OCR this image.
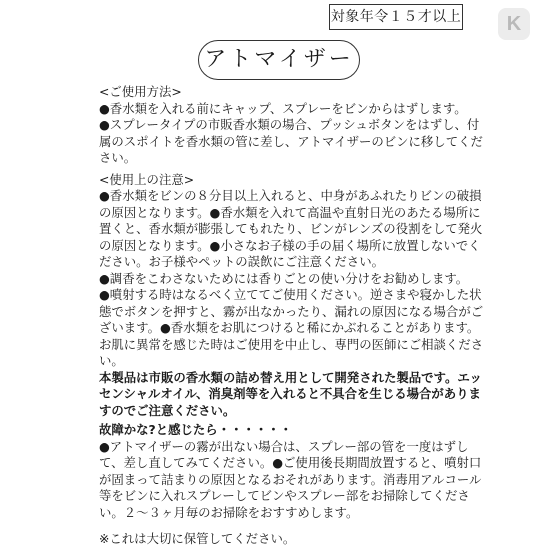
対象年令１５才以上	K
アトマイザー

<ご使用方法>

●香水類を入れる前にキャップ、スプレーをビンからはずします。

●スプレータイプの市販香水類の場合、プッシュボタンをはずし、付属のスポイトを香水類の管に差し、アトマイザーのビンに移してください。

<使用上の注意>

●香水類をビンの８分目以上入れると、中身があふれたりビンの破損の原因となります。●香水類を入れて高温や直射日光のあたる場所に置くと、香水類が膨張してもれたり、ビンがレンズの役割をして発火の原因となります。●小さなお子様の手の届く場所に放置しないでください。お子様やペットの誤飲にご注意ください。

●調香をこわさないためには香りごとの使い分けをお勧めします。

●噴射する時はなるべく立ててご使用ください。逆さまや寝かした状態でボタンを押すと、霧が出なかったり、漏れの原因になる場合がございます。●香水類をお肌につけると稀にかぶれることがあります。お肌に異常を感じた時はご使用を中止し、専門の医師にご相談ください。

本製品は市販の香水類の詰め替え用として開発された製品です。エッセンシャルオイル、消臭剤等を入れると不具合を生じる場合がありますのでご注意ください。

故障かな?と感じたら・・・・・・

●アトマイザーの霧が出ない場合は、スプレー部の管を一度はずして、差し直してみてください。●ご使用後長期間放置すると、噴射口が固まって詰まりの原因となるおそれがあります。消毒用アルコール等をビンに入れスプレーしてビンやスプレー部をお掃除してください。２～３ヶ月毎のお掃除をおすすめします。

※これは大切に保管してください。
